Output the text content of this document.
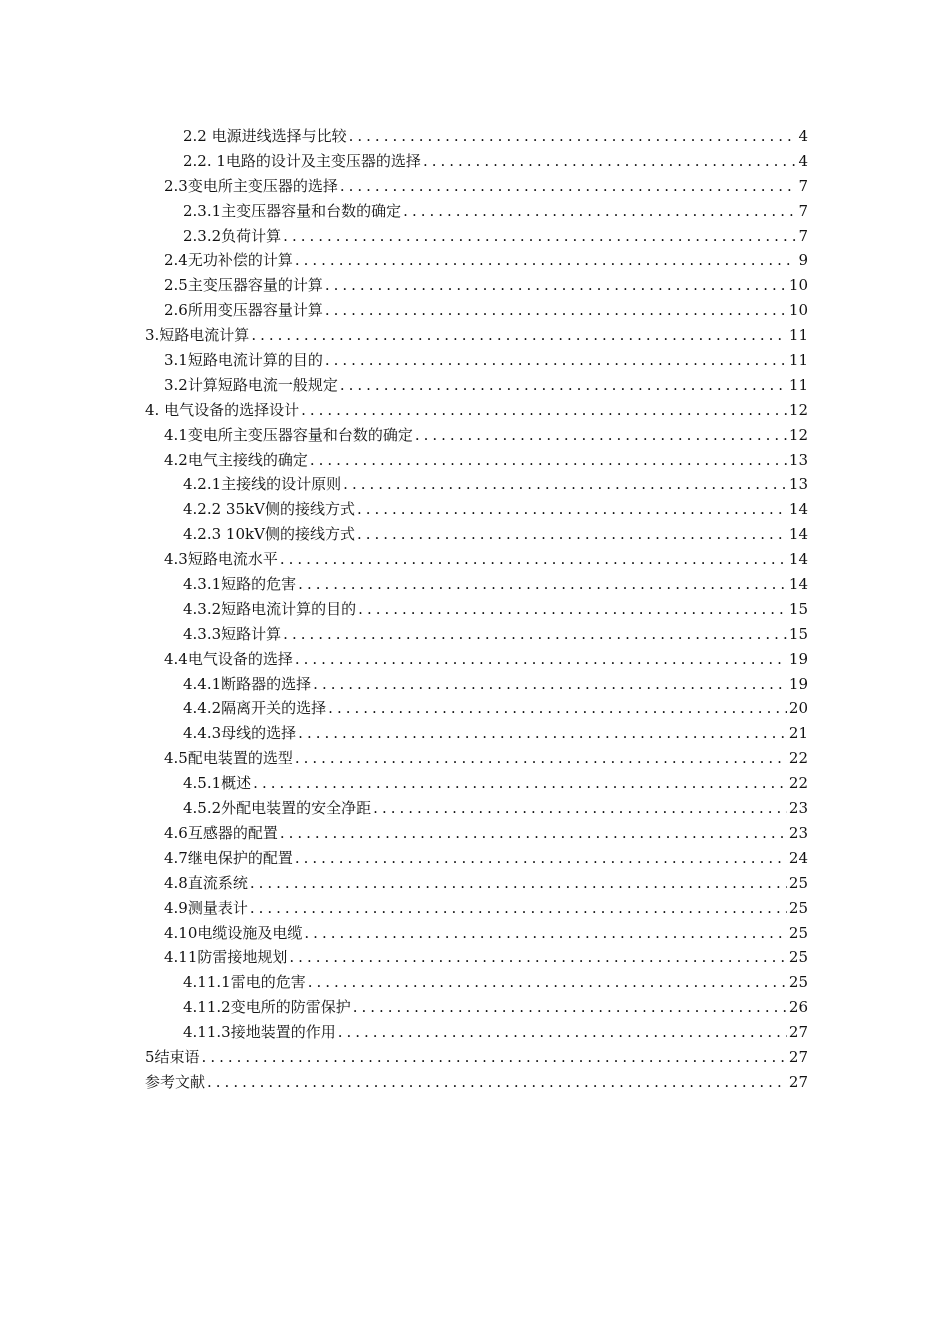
2.2 电源进线选择与比较 .....	4
2.2. 1电路的设计及主变压器的选择 .....	4
2.3变电所主变压器的选择 .....	7
2.3.1主变压器容量和台数的确定 .....	7
2.3.2负荷计算 .....	7
2.4无功补偿的计算 .....	9
2.5主变压器容量的计算 .....	10
2.6所用变压器容量计算 .....	10
3.短路电流计算 .....	11
3.1短路电流计算的目的 .....	11
3.2计算短路电流一般规定 .....	11
4. 电气设备的选择设计 .....	12
4.1变电所主变压器容量和台数的确定 .....	12
4.2电气主接线的确定 .....	13
4.2.1主接线的设计原则 .....	13
4.2.2 35kV侧的接线方式 .....	14
4.2.3 10kV侧的接线方式 .....	14
4.3短路电流水平 .....	14
4.3.1短路的危害 .....	14
4.3.2短路电流计算的目的 .....	15
4.3.3短路计算 .....	15
4.4电气设备的选择 .....	19
4.4.1断路器的选择 .....	19
4.4.2隔离开关的选择 .....	20
4.4.3母线的选择 .....	21
4.5配电装置的选型 .....	22
4.5.1概述 .....	22
4.5.2外配电装置的安全净距 .....	23
4.6互感器的配置 .....	23
4.7继电保护的配置 .....	24
4.8直流系统 .....	25
4.9测量表计 .....	25
4.10电缆设施及电缆 .....	25
4.11防雷接地规划 .....	25
4.11.1雷电的危害 .....	25
4.11.2变电所的防雷保护 .....	26
4.11.3接地装置的作用 .....	27
5结束语 .....	27
参考文献 .....	27
